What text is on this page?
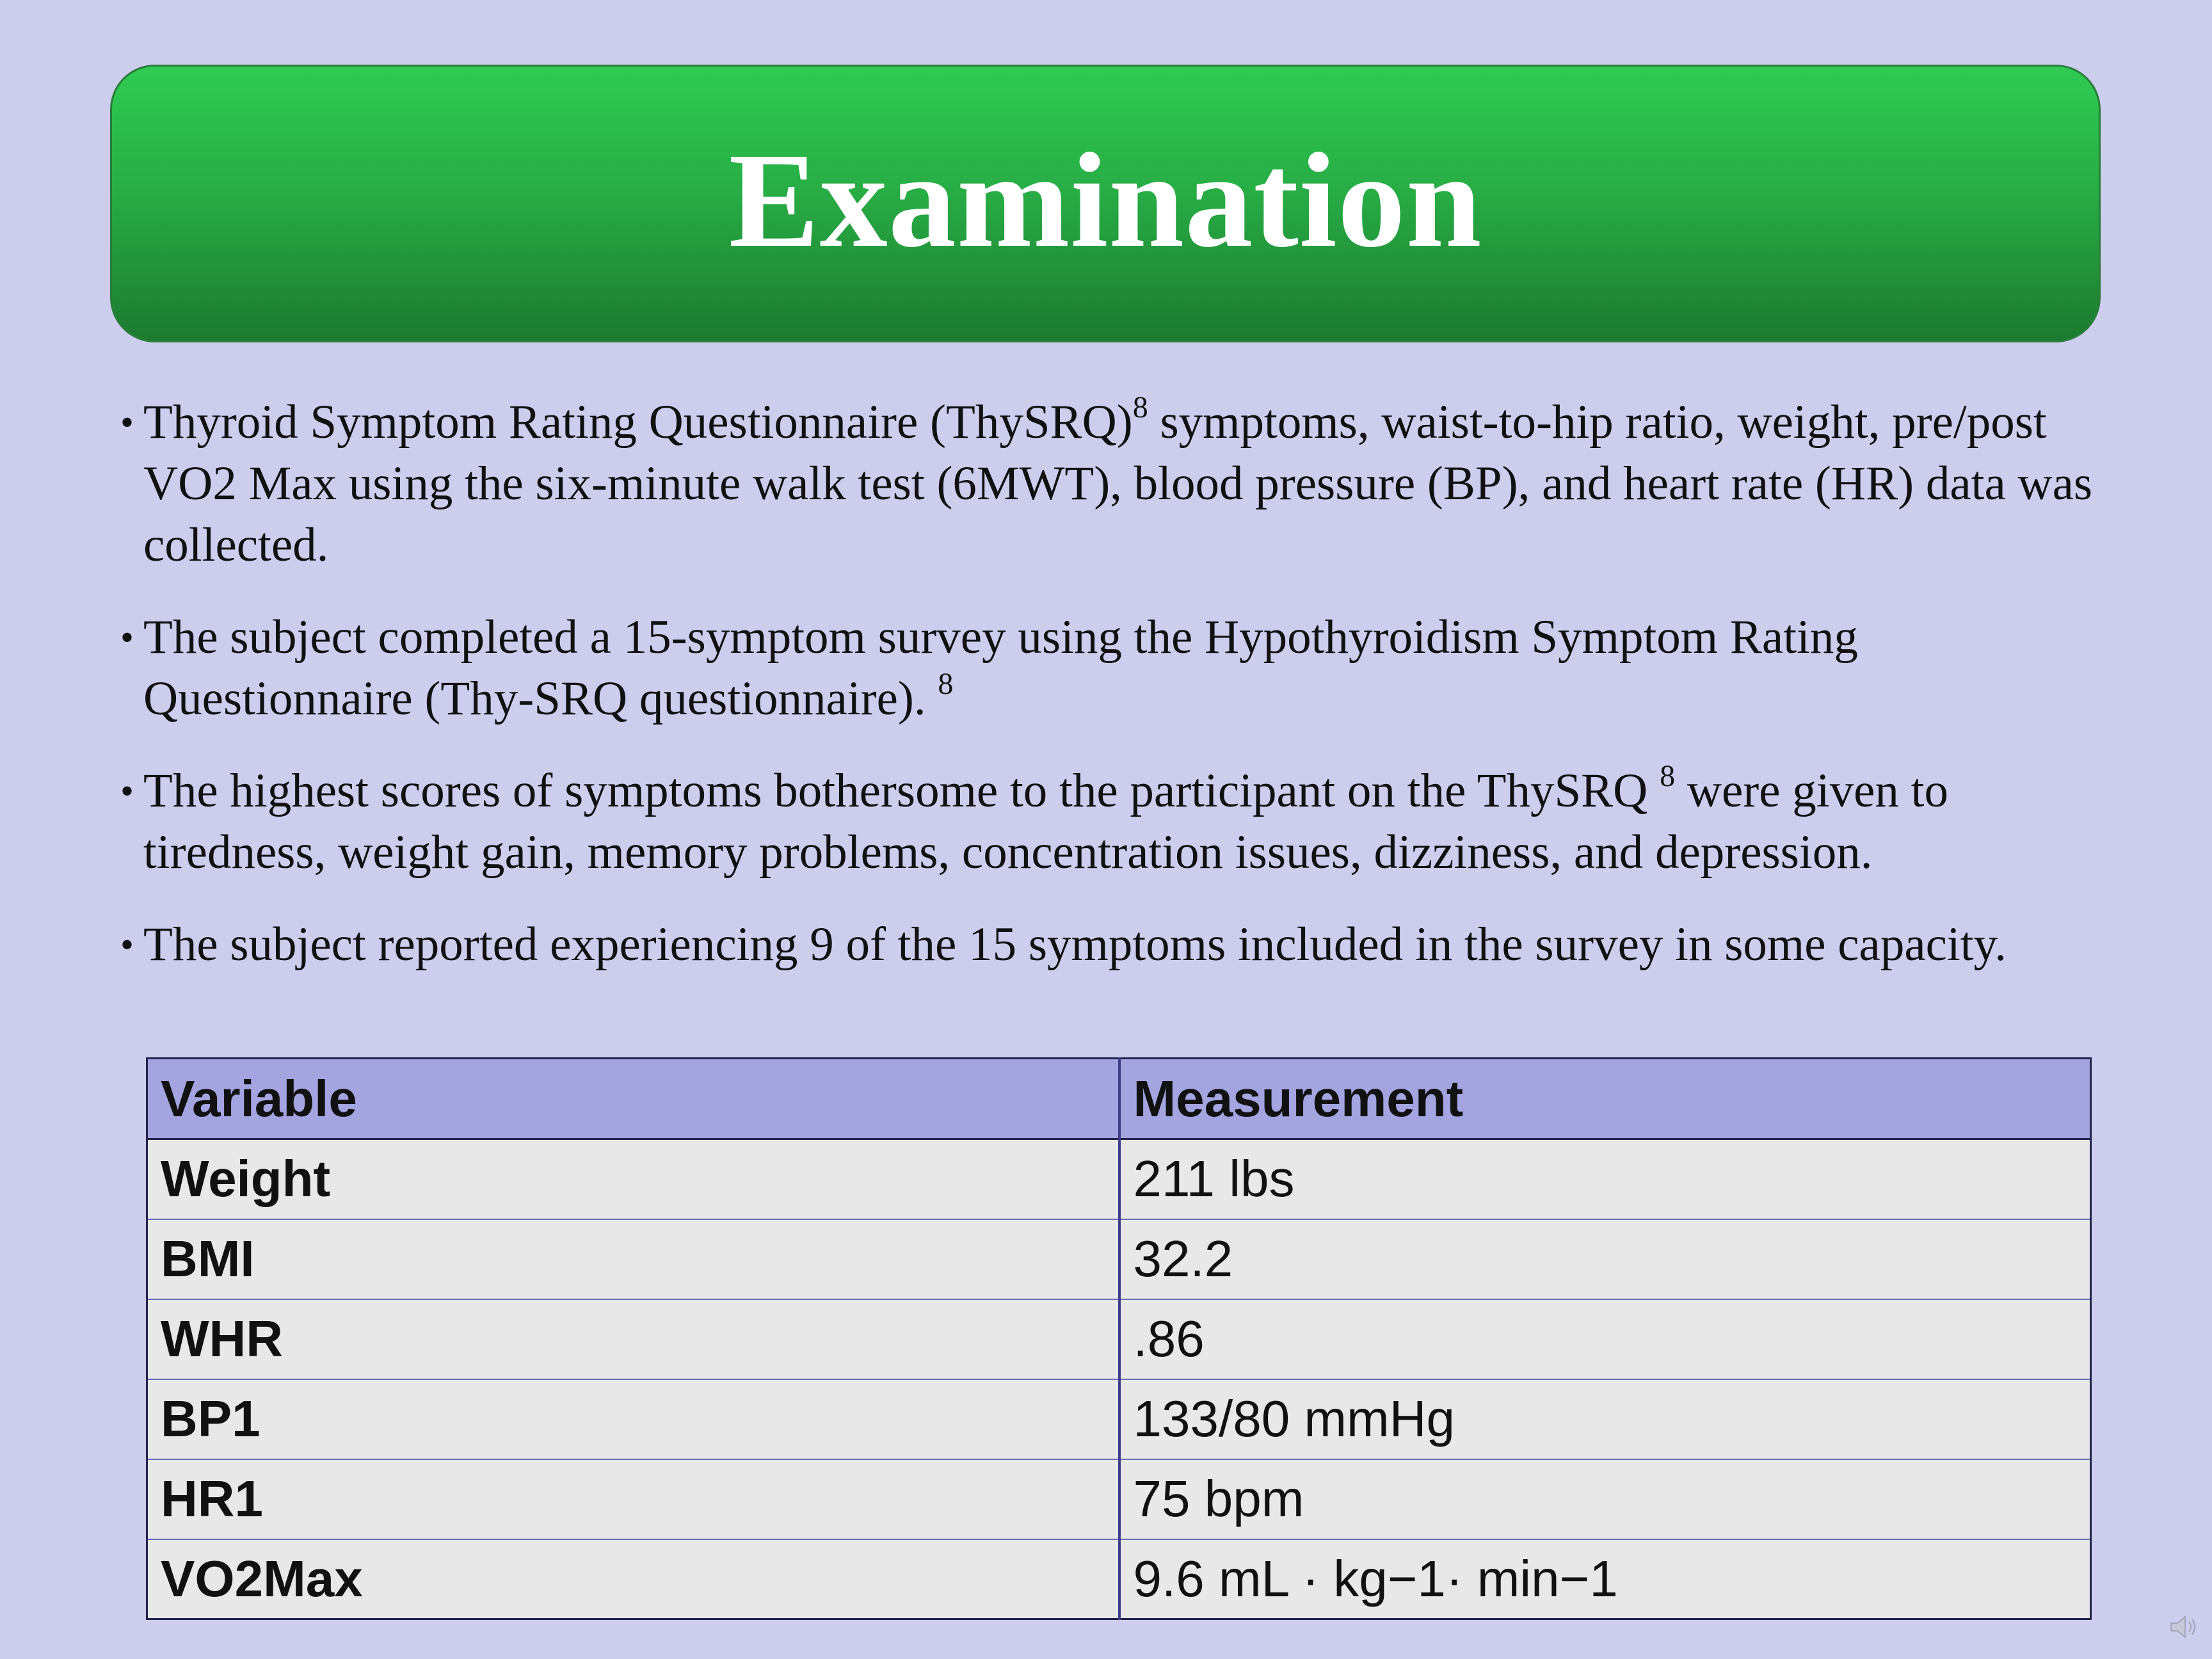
Examination
• Thyroid Symptom Rating Questionnaire (ThySRQ)$^8$ symptoms, waist-to-hip ratio, weight, pre/post VO2 Max using the six-minute walk test (6MWT), blood pressure (BP), and heart rate (HR) data was collected.
• The subject completed a 15-symptom survey using the Hypothyroidism Symptom Rating Questionnaire (Thy-SRQ questionnaire). $^8$
• The highest scores of symptoms bothersome to the participant on the ThySRQ $^8$ were given to tiredness, weight gain, memory problems, concentration issues, dizziness, and depression.
• The subject reported experiencing 9 of the 15 symptoms included in the survey in some capacity.
Variable	Measurement
Weight	211 lbs
BMI	32.2
WHR	.86
BP1	133/80 mmHg
HR1	75 bpm
VO2Max	9.6 mL · kg−1· min−1
